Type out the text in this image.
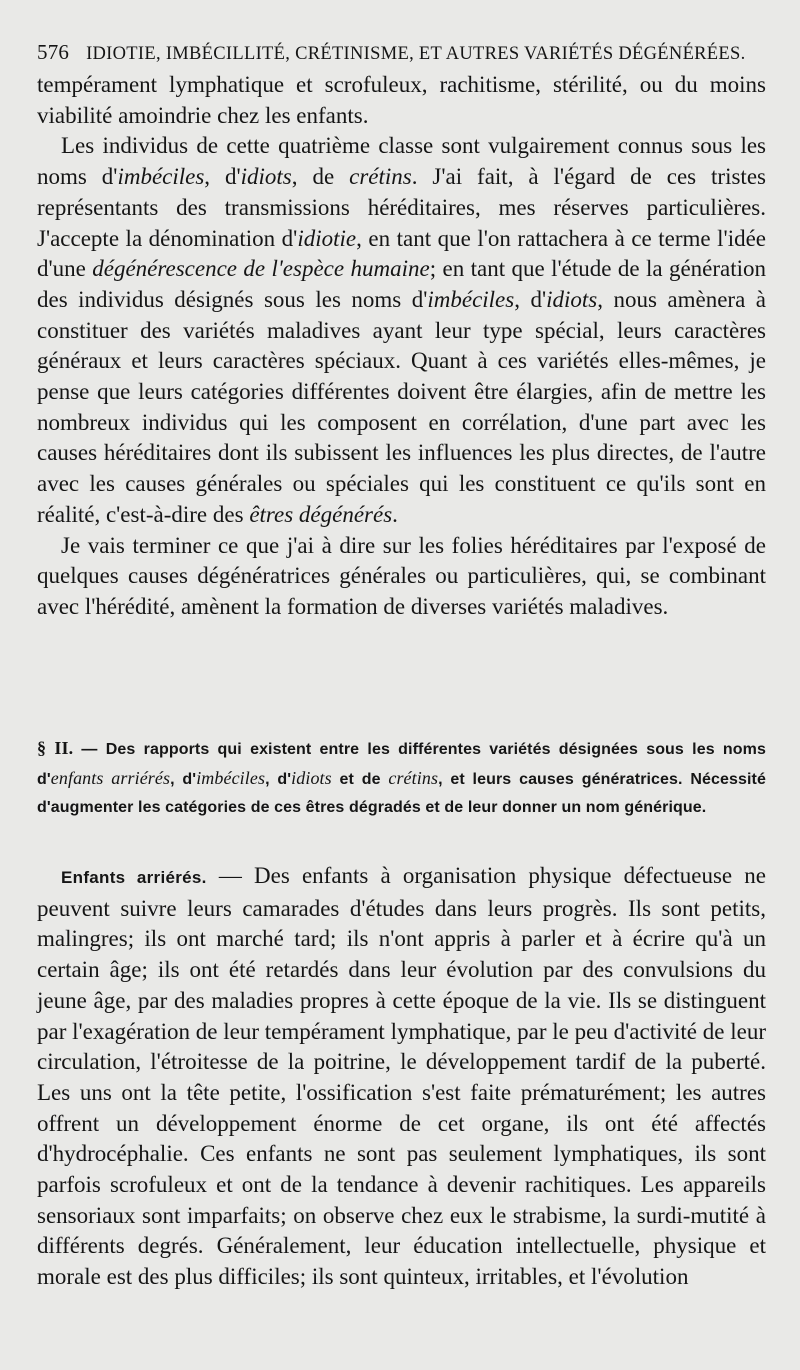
576 IDIOTIE, IMBÉCILLITÉ, CRÉTINISME, ET AUTRES VARIÉTÉS DÉGÉNÉRÉES.

tempérament lymphatique et scrofuleux, rachitisme, stérilité, ou du moins viabilité amoindrie chez les enfants.

Les individus de cette quatrième classe sont vulgairement connus sous les noms d'imbéciles, d'idiots, de crétins. J'ai fait, à l'égard de ces tristes représentants des transmissions héréditaires, mes réserves particulières. J'accepte la dénomination d'idiotie, en tant que l'on rattachera à ce terme l'idée d'une dégénérescence de l'espèce humaine; en tant que l'étude de la génération des individus désignés sous les noms d'imbéciles, d'idiots, nous amènera à constituer des variétés maladives ayant leur type spécial, leurs caractères généraux et leurs caractères spéciaux. Quant à ces variétés elles-mêmes, je pense que leurs catégories différentes doivent être élargies, afin de mettre les nombreux individus qui les composent en corrélation, d'une part avec les causes héréditaires dont ils subissent les influences les plus directes, de l'autre avec les causes générales ou spéciales qui les constituent ce qu'ils sont en réalité, c'est-à-dire des êtres dégénérés.

Je vais terminer ce que j'ai à dire sur les folies héréditaires par l'exposé de quelques causes dégénératrices générales ou particulières, qui, se combinant avec l'hérédité, amènent la formation de diverses variétés maladives.

§ II. — Des rapports qui existent entre les différentes variétés désignées sous les noms d'enfants arriérés, d'imbéciles, d'idiots et de crétins, et leurs causes génératrices. Nécessité d'augmenter les catégories de ces êtres dégradés et de leur donner un nom générique.

Enfants arriérés. — Des enfants à organisation physique défectueuse ne peuvent suivre leurs camarades d'études dans leurs progrès. Ils sont petits, malingres; ils ont marché tard; ils n'ont appris à parler et à écrire qu'à un certain âge; ils ont été retardés dans leur évolution par des convulsions du jeune âge, par des maladies propres à cette époque de la vie. Ils se distinguent par l'exagération de leur tempérament lymphatique, par le peu d'activité de leur circulation, l'étroitesse de la poitrine, le développement tardif de la puberté. Les uns ont la tête petite, l'ossification s'est faite prématurément; les autres offrent un développement énorme de cet organe, ils ont été affectés d'hydrocéphalie. Ces enfants ne sont pas seulement lymphatiques, ils sont parfois scrofuleux et ont de la tendance à devenir rachitiques. Les appareils sensoriaux sont imparfaits; on observe chez eux le strabisme, la surdi-mutité à différents degrés. Généralement, leur éducation intellectuelle, physique et morale est des plus difficiles; ils sont quinteux, irritables, et l'évolution
